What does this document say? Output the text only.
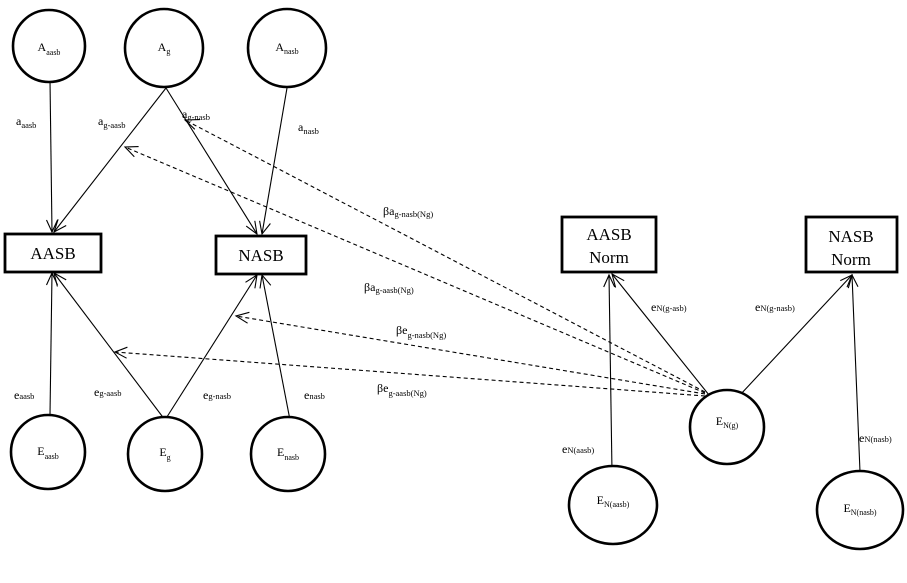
$A_{aasb}$	Ag	Anasb
$E_{aasb}$	$E_g$	$E_{nasb}$
EN(g)
EN(aasb)	EN(nasb)
AASB	NASB
AASB
Norm
NASB
Norm
aaasb	ag-aasb
ag-nasb
anasb
eaasb	eg-aasb	eg-nasb	enasb
eN(aasb)
eN(nasb)
eN(g-asb)	eN(g-nasb)
βag-nasb(Ng)
βag-aasb(Ng)
$\beta e_{g-nasb(Ng)}$
$\beta e_{g-aasb(Ng)}$
